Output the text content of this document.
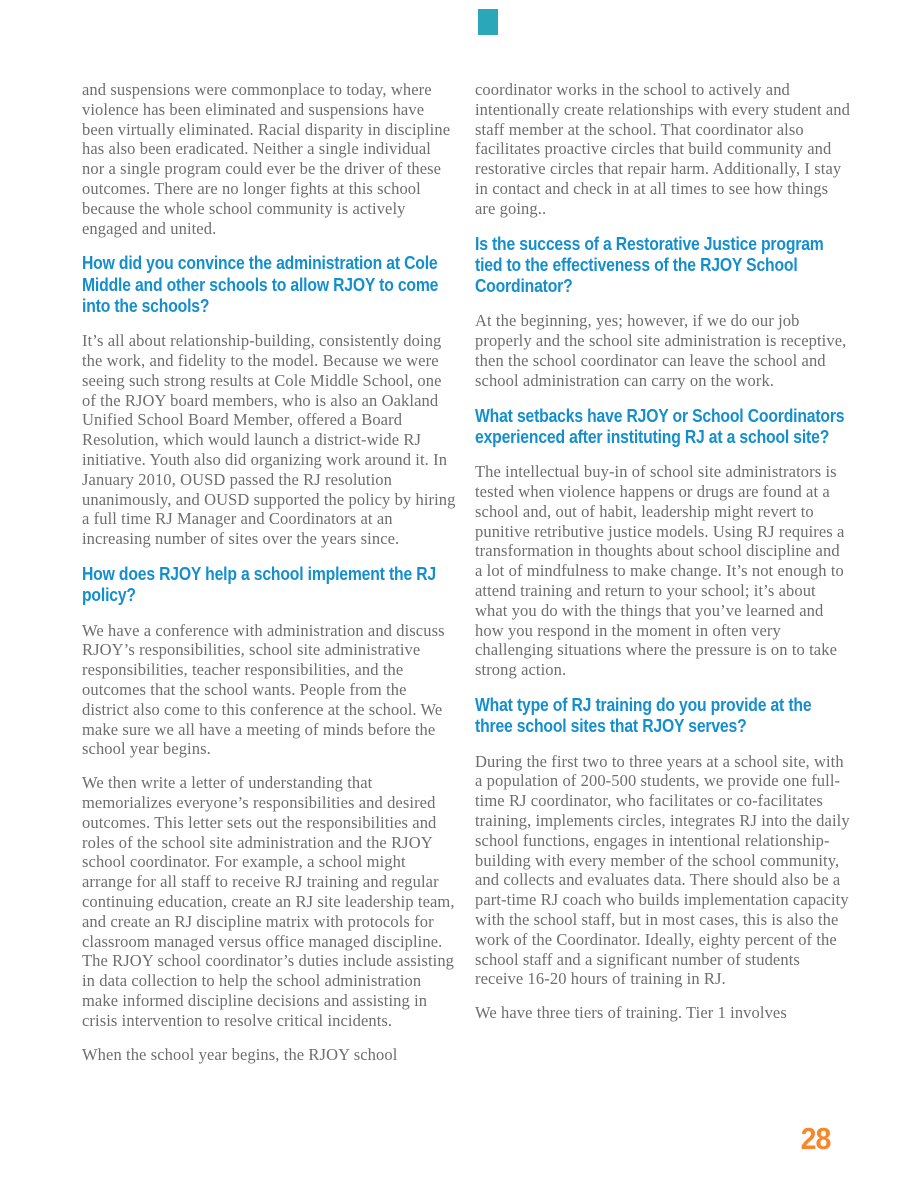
and suspensions were commonplace to today, where violence has been eliminated and suspensions have been virtually eliminated. Racial disparity in discipline has also been eradicated. Neither a single individual nor a single program could ever be the driver of these outcomes. There are no longer fights at this school because the whole school community is actively engaged and united.

How did you convince the administration at Cole Middle and other schools to allow RJOY to come into the schools?

It’s all about relationship-building, consistently doing the work, and fidelity to the model. Because we were seeing such strong results at Cole Middle School, one of the RJOY board members, who is also an Oakland Unified School Board Member, offered a Board Resolution, which would launch a district-wide RJ initiative. Youth also did organizing work around it. In January 2010, OUSD passed the RJ resolution unanimously, and OUSD supported the policy by hiring a full time RJ Manager and Coordinators at an increasing number of sites over the years since.

How does RJOY help a school implement the RJ policy?

We have a conference with administration and discuss RJOY’s responsibilities, school site administrative responsibilities, teacher responsibilities, and the outcomes that the school wants. People from the district also come to this conference at the school. We make sure we all have a meeting of minds before the school year begins.

We then write a letter of understanding that memorializes everyone’s responsibilities and desired outcomes. This letter sets out the responsibilities and roles of the school site administration and the RJOY school coordinator. For example, a school might arrange for all staff to receive RJ training and regular continuing education, create an RJ site leadership team, and create an RJ discipline matrix with protocols for classroom managed versus office managed discipline. The RJOY school coordinator’s duties include assisting in data collection to help the school administration make informed discipline decisions and assisting in crisis intervention to resolve critical incidents.

When the school year begins, the RJOY school

coordinator works in the school to actively and intentionally create relationships with every student and staff member at the school. That coordinator also facilitates proactive circles that build community and restorative circles that repair harm. Additionally, I stay in contact and check in at all times to see how things are going..

Is the success of a Restorative Justice program tied to the effectiveness of the RJOY School Coordinator?

At the beginning, yes; however, if we do our job properly and the school site administration is receptive, then the school coordinator can leave the school and school administration can carry on the work.

What setbacks have RJOY or School Coordinators experienced after instituting RJ at a school site?

The intellectual buy-in of school site administrators is tested when violence happens or drugs are found at a school and, out of habit, leadership might revert to punitive retributive justice models. Using RJ requires a transformation in thoughts about school discipline and a lot of mindfulness to make change. It’s not enough to attend training and return to your school; it’s about what you do with the things that you’ve learned and how you respond in the moment in often very challenging situations where the pressure is on to take strong action.

What type of RJ training do you provide at the three school sites that RJOY serves?

During the first two to three years at a school site, with a population of 200-500 students, we provide one full-time RJ coordinator, who facilitates or co-facilitates training, implements circles, integrates RJ into the daily school functions, engages in intentional relationship-building with every member of the school community, and collects and evaluates data. There should also be a part-time RJ coach who builds implementation capacity with the school staff, but in most cases, this is also the work of the Coordinator. Ideally, eighty percent of the school staff and a significant number of students receive 16-20 hours of training in RJ.

We have three tiers of training. Tier 1 involves

28
